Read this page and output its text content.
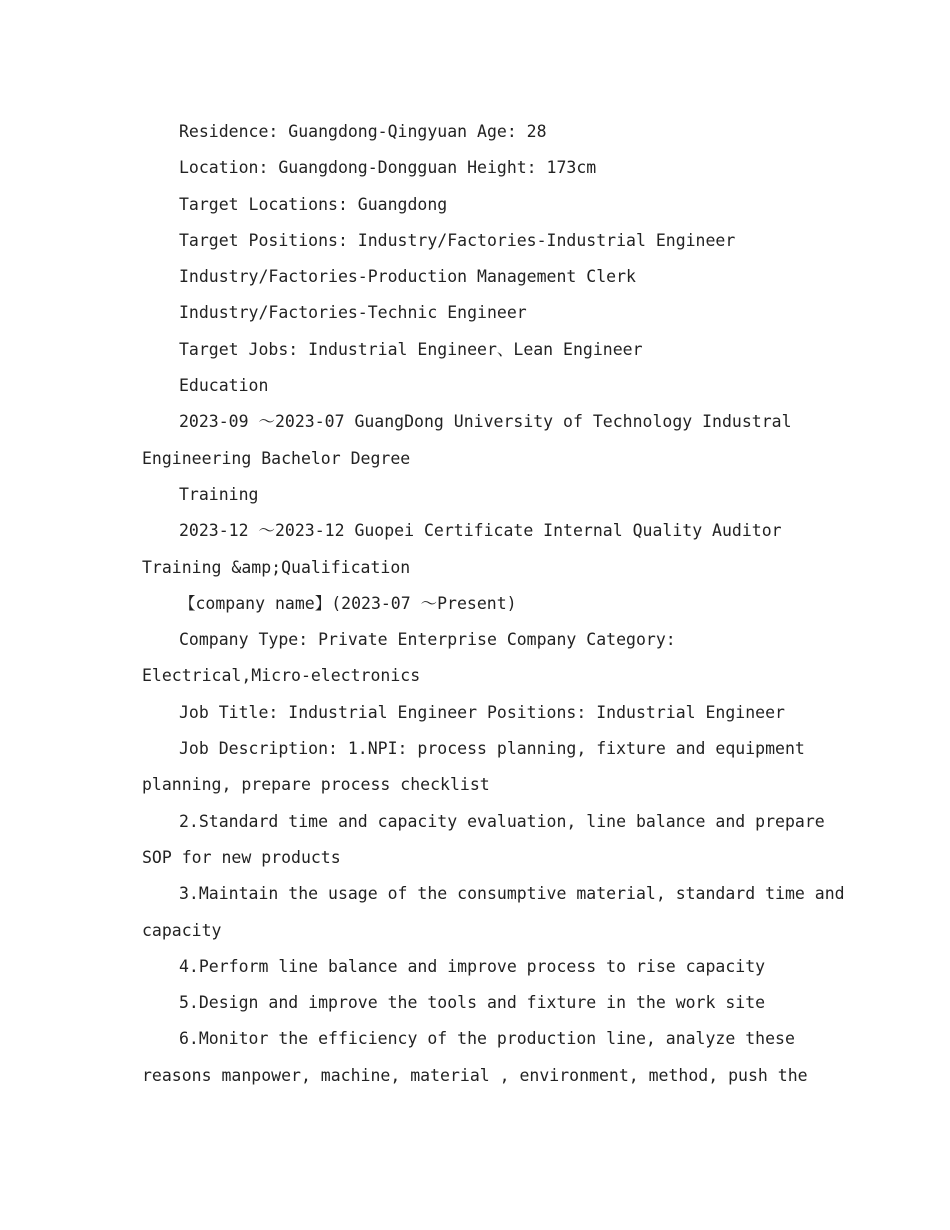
Residence: Guangdong-Qingyuan Age: 28
Location: Guangdong-Dongguan Height: 173cm
Target Locations: Guangdong
Target Positions: Industry/Factories-Industrial Engineer
Industry/Factories-Production Management Clerk
Industry/Factories-Technic Engineer
Target Jobs: Industrial Engineer、Lean Engineer
Education
2023-09 ～2023-07 GuangDong University of Technology Industral
Engineering Bachelor Degree
Training
2023-12 ～2023-12 Guopei Certificate Internal Quality Auditor
Training &amp;Qualification
【company name】(2023-07 ～Present)
Company Type: Private Enterprise Company Category:
Electrical,Micro-electronics
Job Title: Industrial Engineer Positions: Industrial Engineer
Job Description: 1.NPI: process planning, fixture and equipment
planning, prepare process checklist
2.Standard time and capacity evaluation, line balance and prepare
SOP for new products
3.Maintain the usage of the consumptive material, standard time and
capacity
4.Perform line balance and improve process to rise capacity
5.Design and improve the tools and fixture in the work site
6.Monitor the efficiency of the production line, analyze these
reasons manpower, machine, material , environment, method, push the
